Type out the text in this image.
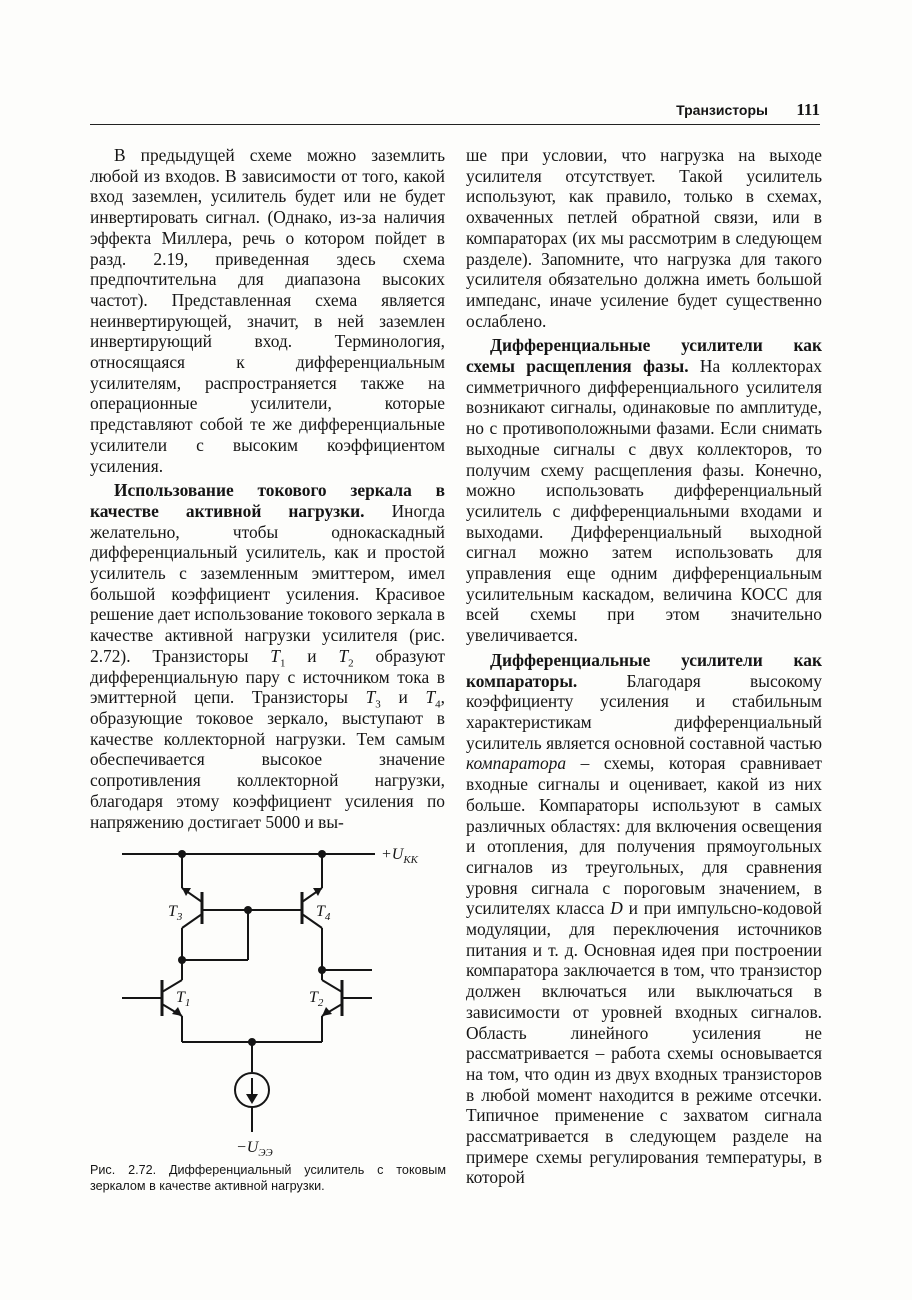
Транзисторы 111

В предыдущей схеме можно заземлить любой из входов. В зависимости от того, какой вход заземлен, усилитель будет или не будет инвертировать сигнал. (Однако, из-за наличия эффекта Миллера, речь о котором пойдет в разд. 2.19, приведенная здесь схема предпочтительна для диапазона высоких частот). Представленная схема является неинвертирующей, значит, в ней заземлен инвертирующий вход. Терминология, относящаяся к дифференциальным усилителям, распространяется также на операционные усилители, которые представляют собой те же дифференциальные усилители с высоким коэффициентом усиления.

Использование токового зеркала в качестве активной нагрузки. Иногда желательно, чтобы однокаскадный дифференциальный усилитель, как и простой усилитель с заземленным эмиттером, имел большой коэффициент усиления. Красивое решение дает использование токового зеркала в качестве активной нагрузки усилителя (рис. 2.72). Транзисторы $T_1$ и $T_2$ образуют дифференциальную пару с источником тока в эмиттерной цепи. Транзисторы $T_3$ и $T_4$, образующие токовое зеркало, выступают в качестве коллекторной нагрузки. Тем самым обеспечивается высокое значение сопротивления коллекторной нагрузки, благодаря этому коэффициент усиления по напряжению достигает 5000 и вы-

ше при условии, что нагрузка на выходе усилителя отсутствует. Такой усилитель используют, как правило, только в схемах, охваченных петлей обратной связи, или в компараторах (их мы рассмотрим в следующем разделе). Запомните, что нагрузка для такого усилителя обязательно должна иметь большой импеданс, иначе усиление будет существенно ослаблено.

Дифференциальные усилители как схемы расщепления фазы. На коллекторах симметричного дифференциального усилителя возникают сигналы, одинаковые по амплитуде, но с противоположными фазами. Если снимать выходные сигналы с двух коллекторов, то получим схему расщепления фазы. Конечно, можно использовать дифференциальный усилитель с дифференциальными входами и выходами. Дифференциальный выходной сигнал можно затем использовать для управления еще одним дифференциальным усилительным каскадом, величина КОСС для всей схемы при этом значительно увеличивается.

Дифференциальные усилители как компараторы. Благодаря высокому коэффициенту усиления и стабильным характеристикам дифференциальный усилитель является основной составной частью компаратора – схемы, которая сравнивает входные сигналы и оценивает, какой из них больше. Компараторы используют в самых различных областях: для включения освещения и отопления, для получения прямоугольных сигналов из треугольных, для сравнения уровня сигнала с пороговым значением, в усилителях класса D и при импульсно-кодовой модуляции, для переключения источников питания и т. д. Основная идея при построении компаратора заключается в том, что транзистор должен включаться или выключаться в зависимости от уровней входных сигналов. Область линейного усиления не рассматривается – работа схемы основывается на том, что один из двух входных транзисторов в любой момент находится в режиме отсечки. Типичное применение с захватом сигнала рассматривается в следующем разделе на примере схемы регулирования температуры, в которой

$+U_{КК}$
$-U_{ЭЭ}$
$T_3$	$T_4$
$T_1$	$T_2$
Рис. 2.72. Дифференциальный усилитель с токовым зеркалом в качестве активной нагрузки.
